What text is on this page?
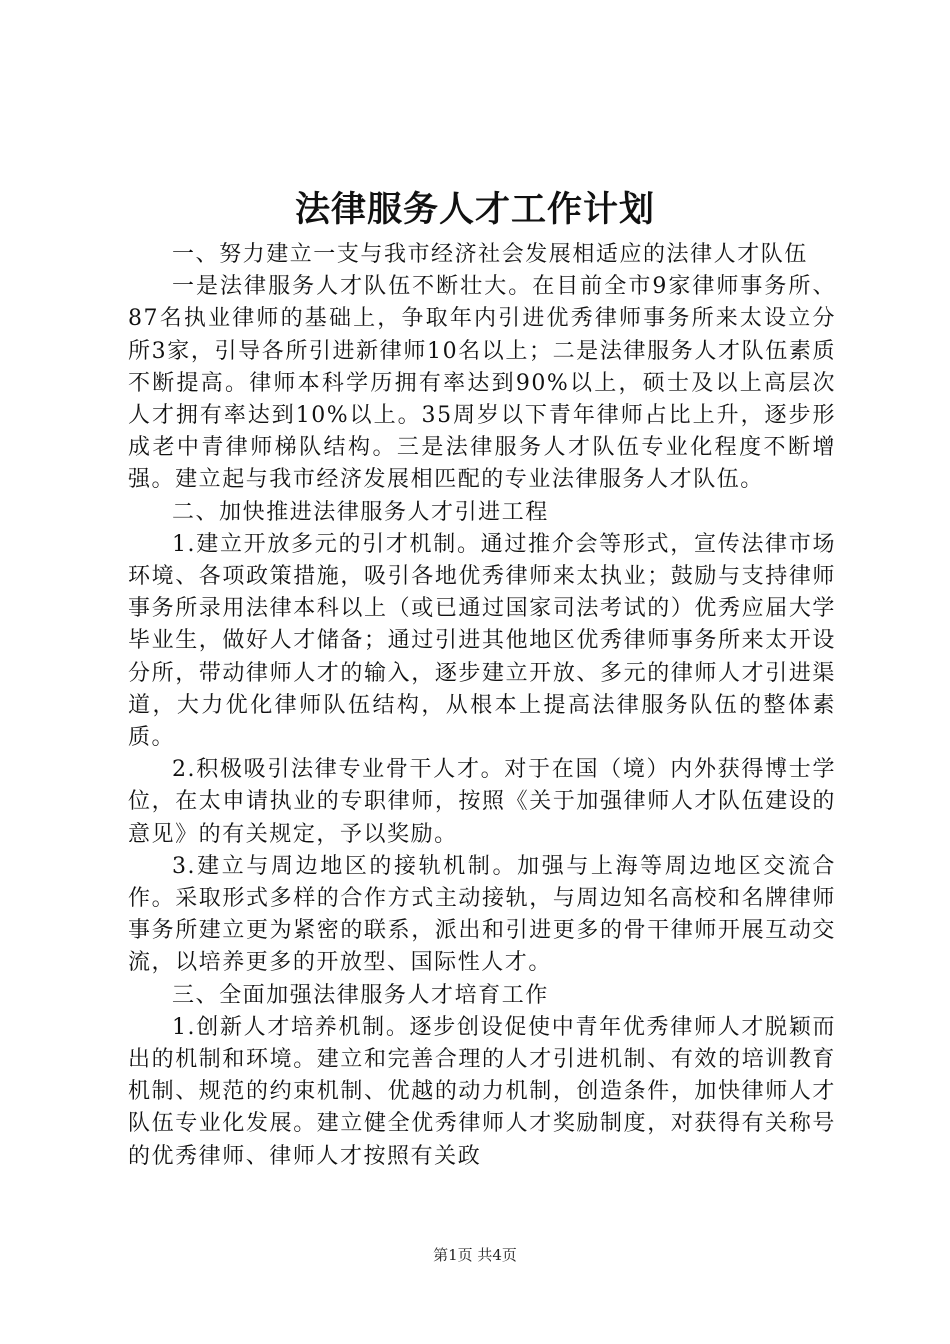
法律服务人才工作计划

一、努力建立一支与我市经济社会发展相适应的法律人才队伍

一是法律服务人才队伍不断壮大。在目前全市9家律师事务所、87名执业律师的基础上，争取年内引进优秀律师事务所来太设立分所3家，引导各所引进新律师10名以上；二是法律服务人才队伍素质不断提高。律师本科学历拥有率达到90%以上，硕士及以上高层次人才拥有率达到10%以上。35周岁以下青年律师占比上升，逐步形成老中青律师梯队结构。三是法律服务人才队伍专业化程度不断增强。建立起与我市经济发展相匹配的专业法律服务人才队伍。

二、加快推进法律服务人才引进工程

1.建立开放多元的引才机制。通过推介会等形式，宣传法律市场环境、各项政策措施，吸引各地优秀律师来太执业；鼓励与支持律师事务所录用法律本科以上（或已通过国家司法考试的）优秀应届大学毕业生，做好人才储备；通过引进其他地区优秀律师事务所来太开设分所，带动律师人才的输入，逐步建立开放、多元的律师人才引进渠道，大力优化律师队伍结构，从根本上提高法律服务队伍的整体素质。

2.积极吸引法律专业骨干人才。对于在国（境）内外获得博士学位，在太申请执业的专职律师，按照《关于加强律师人才队伍建设的意见》的有关规定，予以奖励。

3.建立与周边地区的接轨机制。加强与上海等周边地区交流合作。采取形式多样的合作方式主动接轨，与周边知名高校和名牌律师事务所建立更为紧密的联系，派出和引进更多的骨干律师开展互动交流，以培养更多的开放型、国际性人才。

三、全面加强法律服务人才培育工作

1.创新人才培养机制。逐步创设促使中青年优秀律师人才脱颖而出的机制和环境。建立和完善合理的人才引进机制、有效的培训教育机制、规范的约束机制、优越的动力机制，创造条件，加快律师人才队伍专业化发展。建立健全优秀律师人才奖励制度，对获得有关称号的优秀律师、律师人才按照有关政

第1页 共4页
